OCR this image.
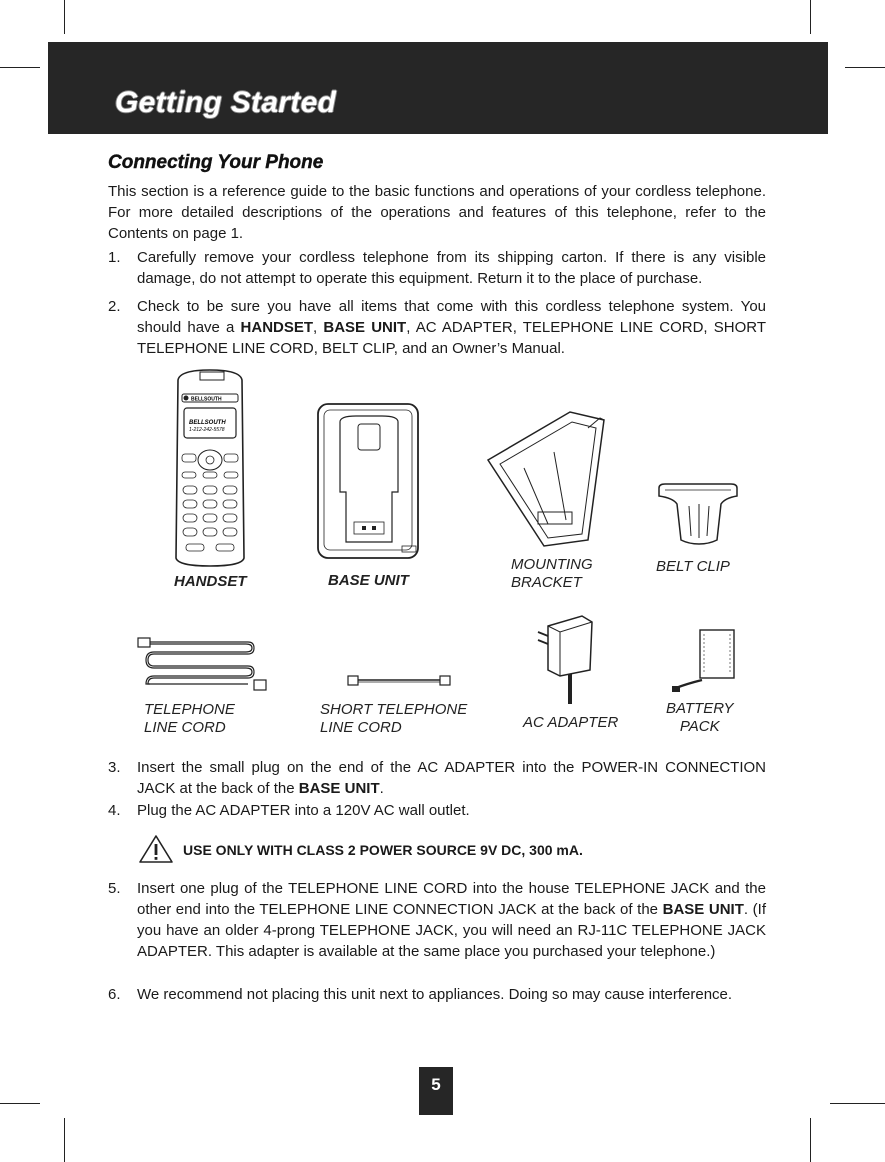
Getting Started
Connecting Your Phone
This section is a reference guide to the basic functions and operations of your cordless telephone. For more detailed descriptions of the operations and features of this telephone, refer to the Contents on page 1.
1. Carefully remove your cordless telephone from its shipping carton. If there is any visible damage, do not attempt to operate this equipment. Return it to the place of purchase.
2. Check to be sure you have all items that come with this cordless telephone system. You should have a HANDSET, BASE UNIT, AC ADAPTER, TELEPHONE LINE CORD, SHORT TELEPHONE LINE CORD, BELT CLIP, and an Owner’s Manual.
BELLSOUTH
BELLSOUTH
1-212-242-5578
HANDSET	BASE UNIT
MOUNTING
BRACKET
BELT CLIP
TELEPHONE
LINE CORD
SHORT TELEPHONE
LINE CORD	AC ADAPTER
BATTERY
PACK
3. Insert the small plug on the end of the AC ADAPTER into the POWER-IN CONNECTION JACK at the back of the BASE UNIT.
4. Plug the AC ADAPTER into a 120V AC wall outlet.
USE ONLY WITH CLASS 2 POWER SOURCE 9V DC, 300 mA.
5. Insert one plug of the TELEPHONE LINE CORD into the house TELEPHONE JACK and the other end into the TELEPHONE LINE CONNECTION JACK at the back of the BASE UNIT. (If you have an older 4-prong TELEPHONE JACK, you will need an RJ-11C TELEPHONE JACK ADAPTER. This adapter is available at the same place you purchased your telephone.)
6. We recommend not placing this unit next to appliances. Doing so may cause interference.
5
